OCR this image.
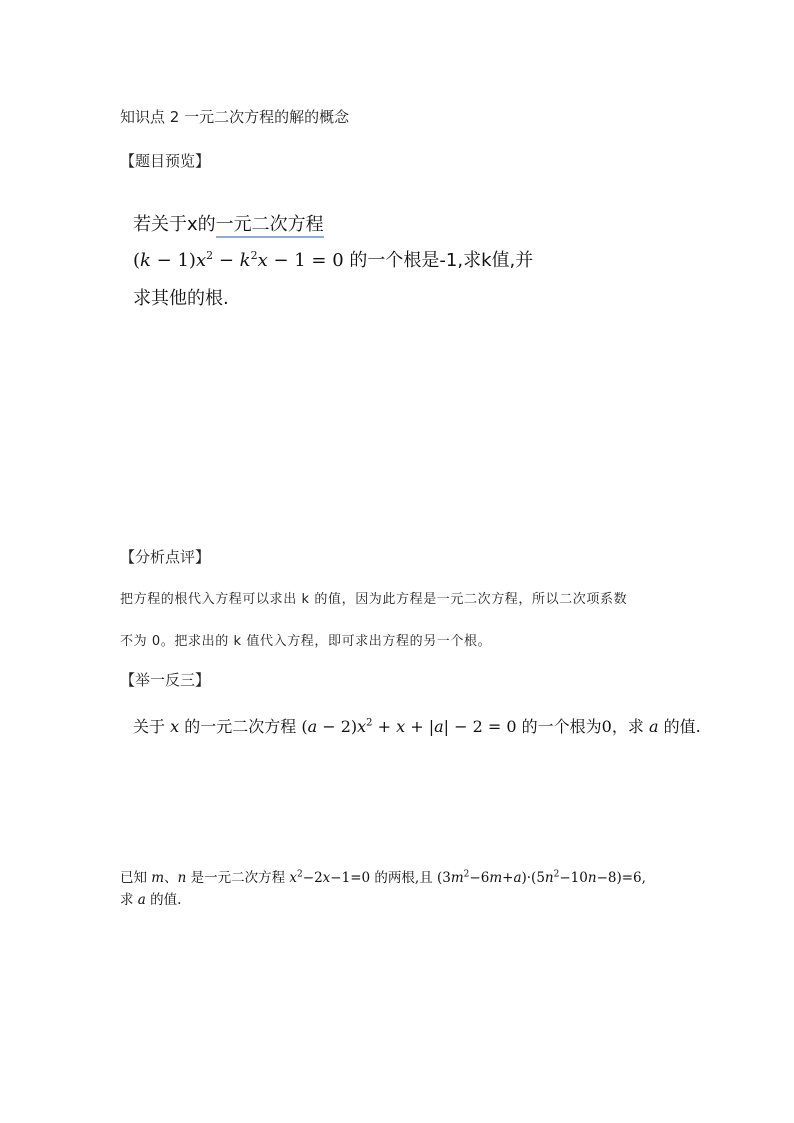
知识点 2 一元二次方程的解的概念
【题目预览】
若关于x的一元二次方程
$(k - 1)x^2 - k^2x - 1 = 0$ 的一个根是-1,求k值,并
求其他的根.
【分析点评】
把方程的根代入方程可以求出 k 的值，因为此方程是一元二次方程，所以二次项系数
不为 0。把求出的 k 值代入方程，即可求出方程的另一个根。
【举一反三】
关于 x 的一元二次方程 $(a - 2)x^2 + x + |a| - 2 = 0$ 的一个根为0，求 a 的值.
已知 m、n 是一元二次方程 $x^2-2x-1=0$ 的两根,且 $(3m^2-6m+a)\cdot(5n^2-10n-8)=6$,
求 a 的值.
